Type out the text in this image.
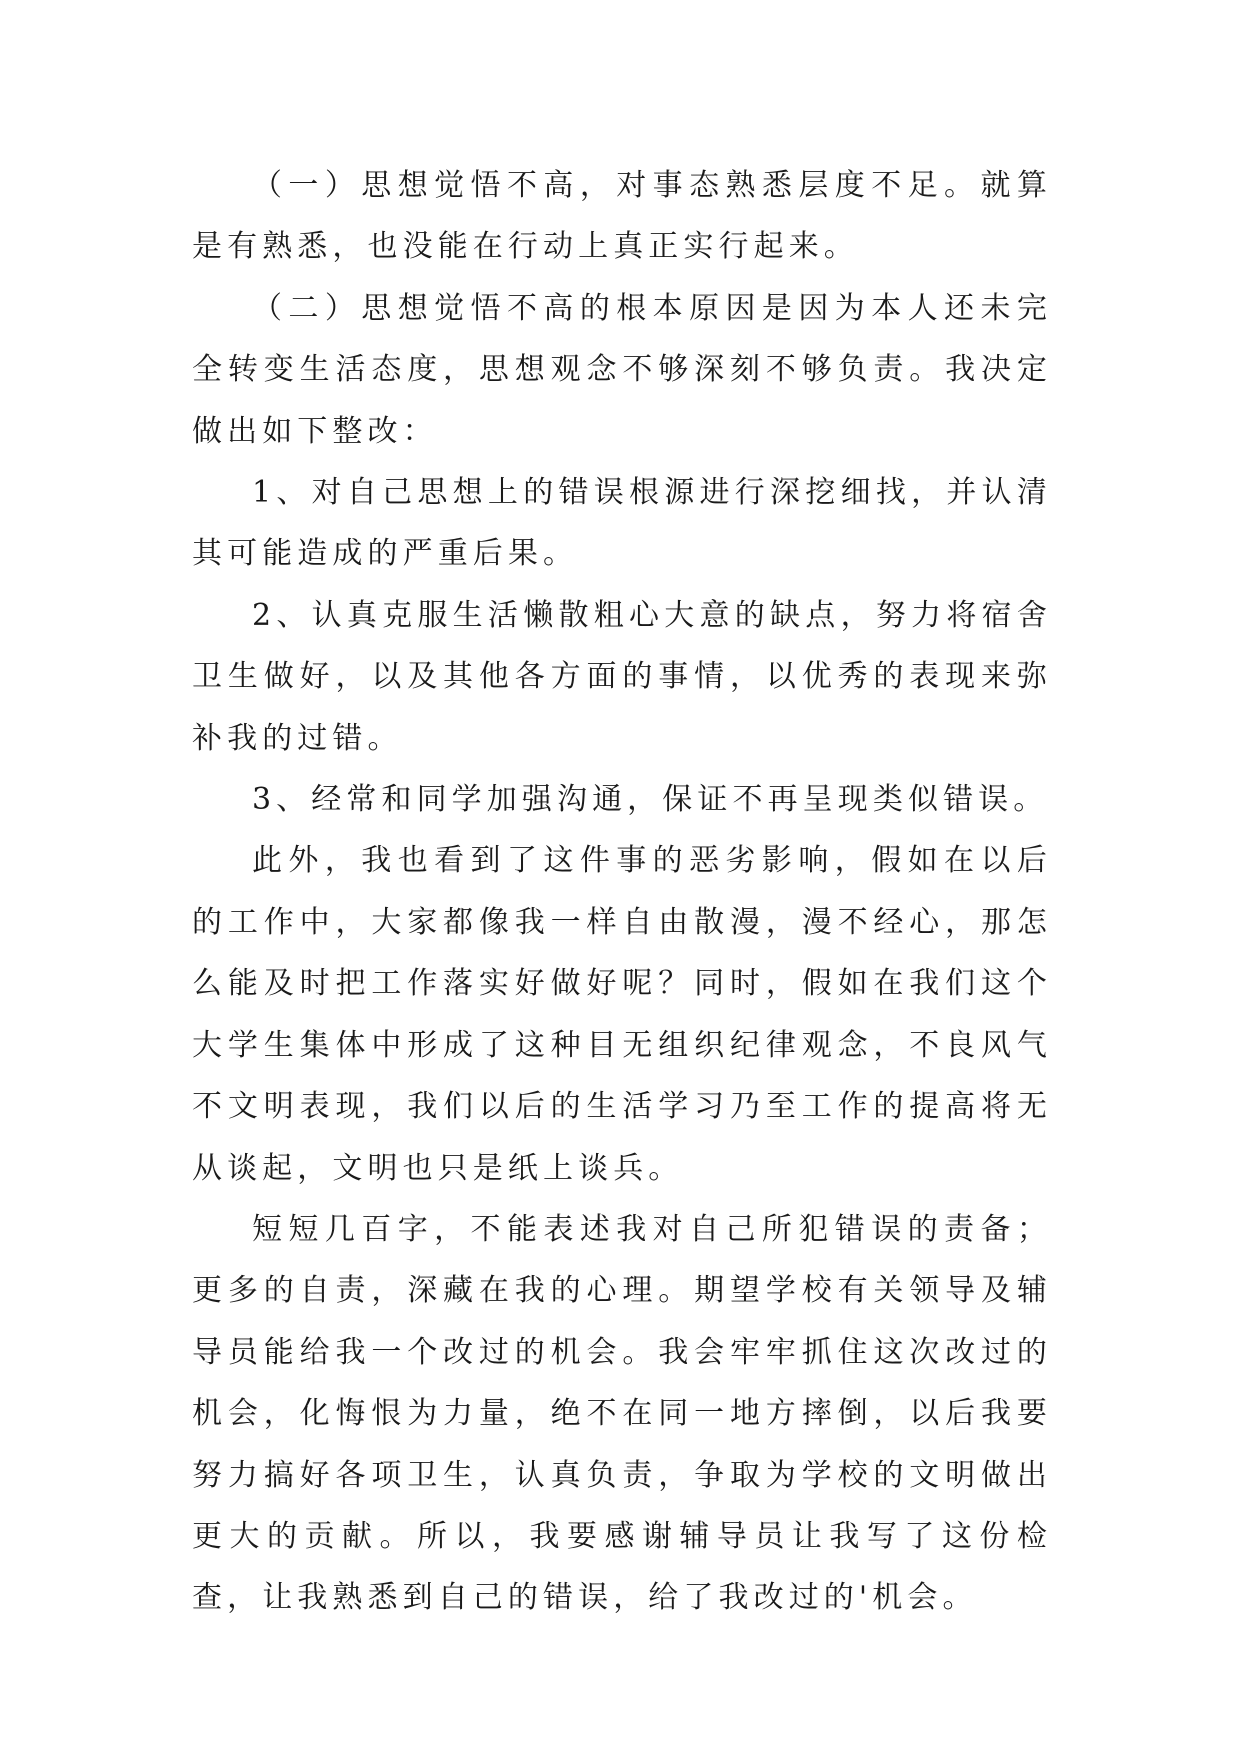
（一）思想觉悟不高，对事态熟悉层度不足。就算是有熟悉，也没能在行动上真正实行起来。

（二）思想觉悟不高的根本原因是因为本人还未完全转变生活态度，思想观念不够深刻不够负责。我决定做出如下整改：

1、对自己思想上的错误根源进行深挖细找，并认清其可能造成的严重后果。

2、认真克服生活懒散粗心大意的缺点，努力将宿舍卫生做好，以及其他各方面的事情，以优秀的表现来弥补我的过错。

3、经常和同学加强沟通，保证不再呈现类似错误。

此外，我也看到了这件事的恶劣影响，假如在以后的工作中，大家都像我一样自由散漫，漫不经心，那怎么能及时把工作落实好做好呢？同时，假如在我们这个大学生集体中形成了这种目无组织纪律观念，不良风气不文明表现，我们以后的生活学习乃至工作的提高将无从谈起，文明也只是纸上谈兵。

短短几百字，不能表述我对自己所犯错误的责备；更多的自责，深藏在我的心理。期望学校有关领导及辅导员能给我一个改过的机会。我会牢牢抓住这次改过的机会，化悔恨为力量，绝不在同一地方摔倒，以后我要努力搞好各项卫生，认真负责，争取为学校的文明做出更大的贡献。所以，我要感谢辅导员让我写了这份检查，让我熟悉到自己的错误，给了我改过的'机会。
